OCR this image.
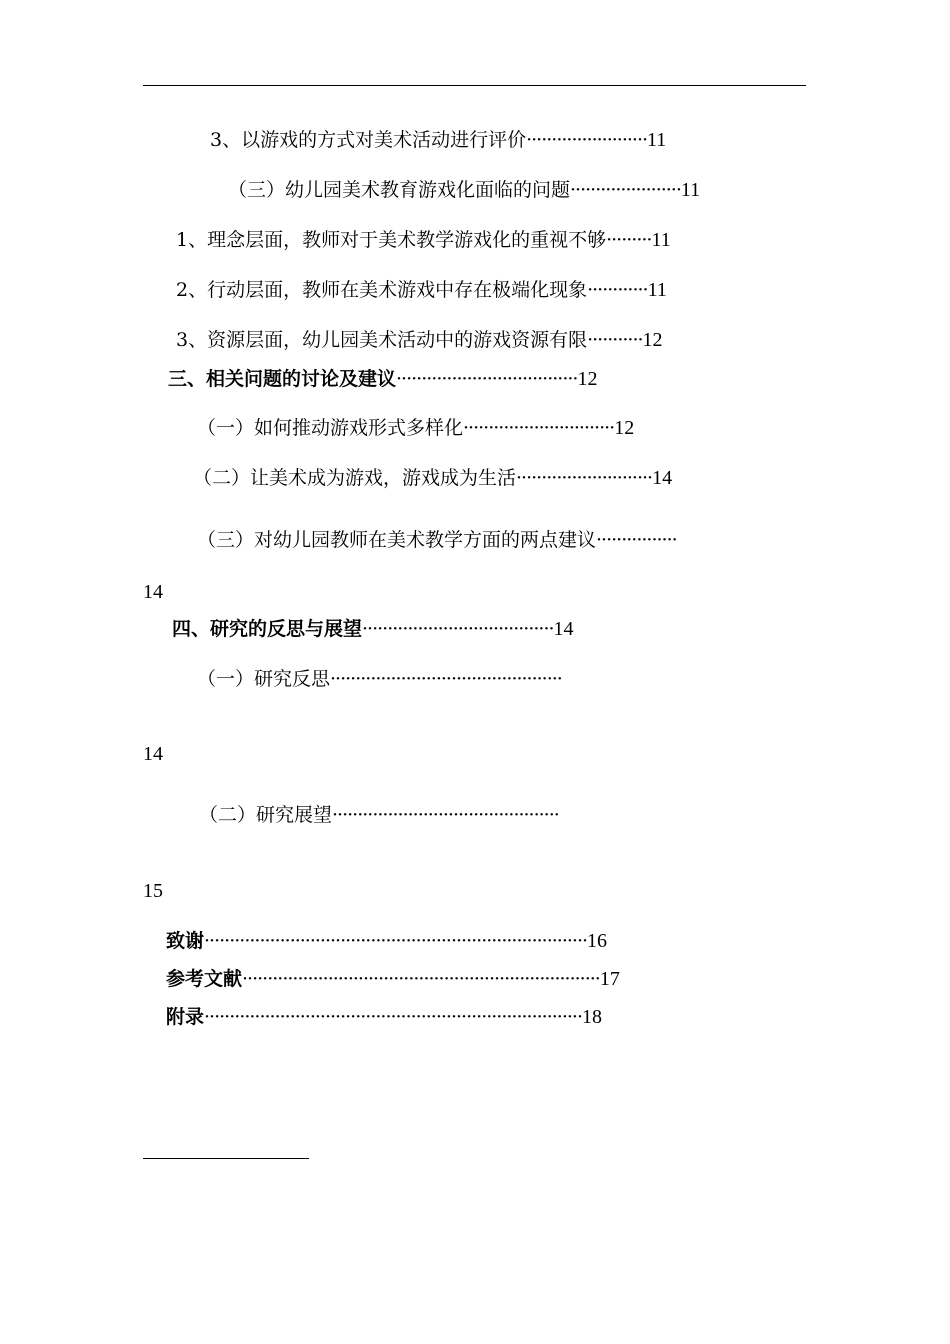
3、以游戏的方式对美术活动进行评价························11
（三）幼儿园美术教育游戏化面临的问题······················11
1、理念层面，教师对于美术教学游戏化的重视不够·········11
2、行动层面，教师在美术游戏中存在极端化现象············11
3、资源层面，幼儿园美术活动中的游戏资源有限···········12
三、相关问题的讨论及建议····································12
（一）如何推动游戏形式多样化······························12
（二）让美术成为游戏，游戏成为生活···························14
（三）对幼儿园教师在美术教学方面的两点建议················
14
四、研究的反思与展望······································14
（一）研究反思··············································
14
（二）研究展望·············································
15
致谢············································································16
参考文献·······································································17
附录···········································································18
